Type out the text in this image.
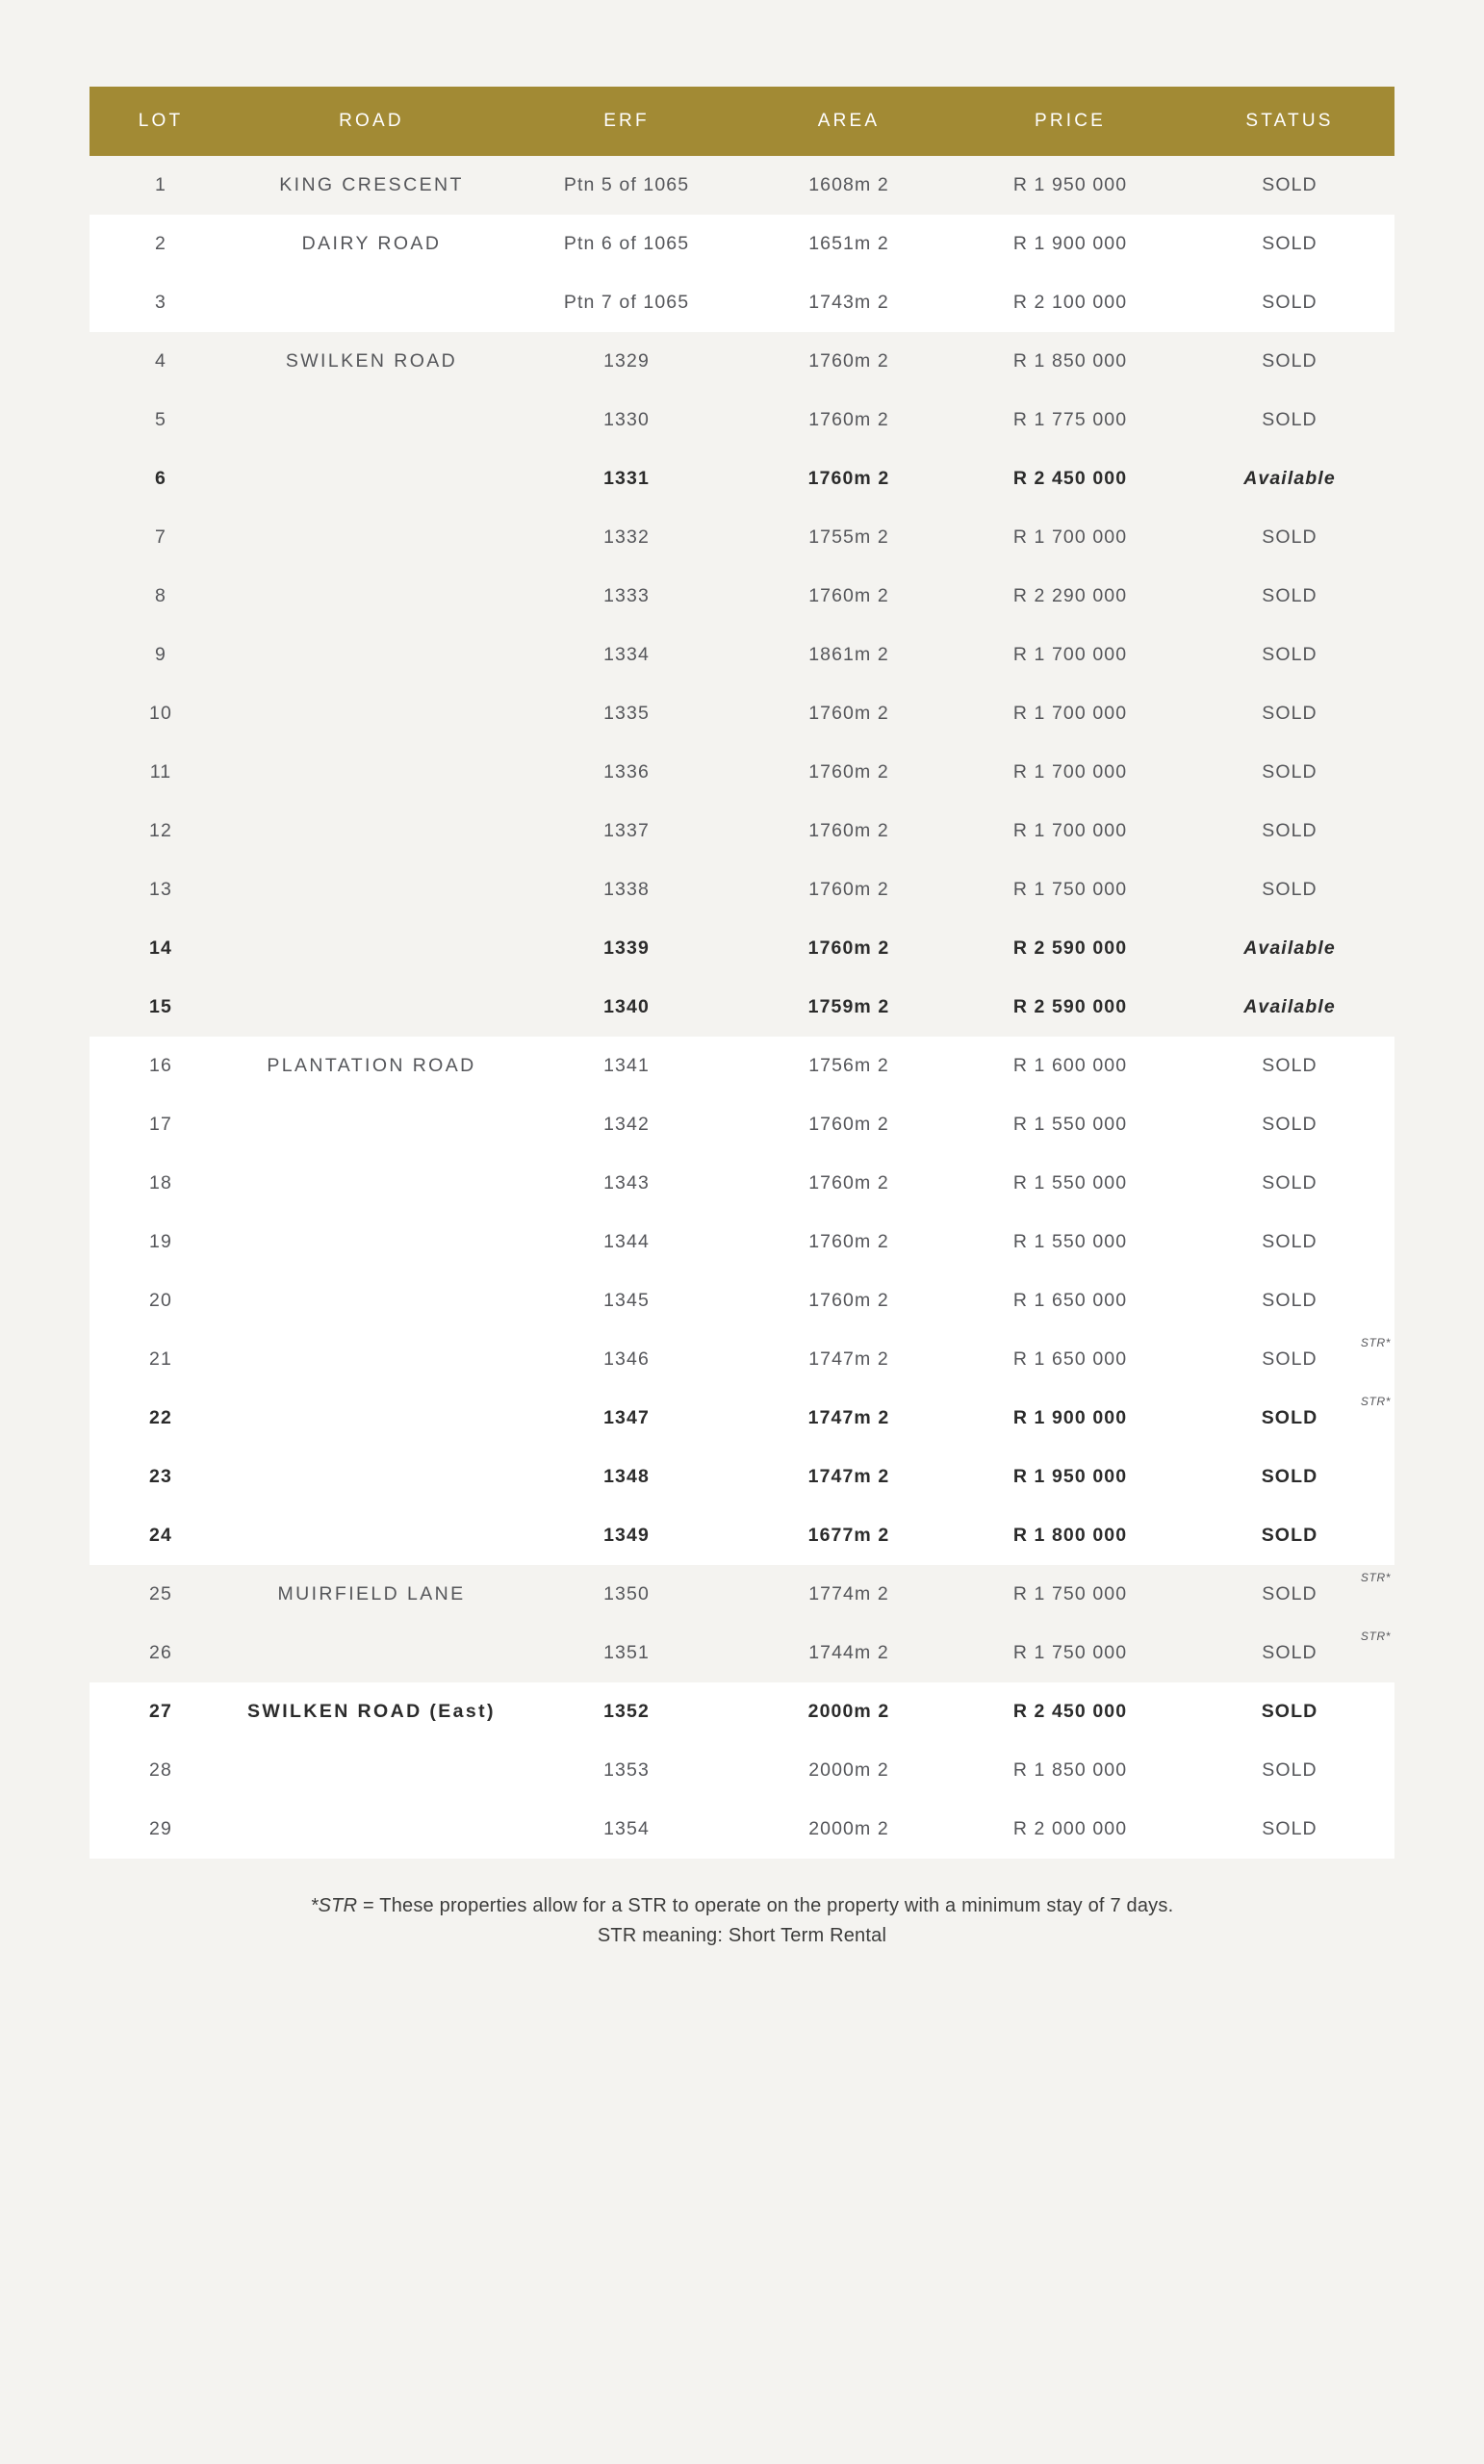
LOT	ROAD	ERF	AREA	PRICE	STATUS
1	KING CRESCENT	Ptn 5 of 1065	1608m 2	R 1 950 000	SOLD
2	DAIRY ROAD	Ptn 6 of 1065	1651m 2	R 1 900 000	SOLD
3		Ptn 7 of 1065	1743m 2	R 2 100 000	SOLD
4	SWILKEN ROAD	1329	1760m 2	R 1 850 000	SOLD
5		1330	1760m 2	R 1 775 000	SOLD
6		1331	1760m 2	R 2 450 000	Available
7		1332	1755m 2	R 1 700 000	SOLD
8		1333	1760m 2	R 2 290 000	SOLD
9		1334	1861m 2	R 1 700 000	SOLD
10		1335	1760m 2	R 1 700 000	SOLD
11		1336	1760m 2	R 1 700 000	SOLD
12		1337	1760m 2	R 1 700 000	SOLD
13		1338	1760m 2	R 1 750 000	SOLD
14		1339	1760m 2	R 2 590 000	Available
15		1340	1759m 2	R 2 590 000	Available
16	PLANTATION ROAD	1341	1756m 2	R 1 600 000	SOLD
17		1342	1760m 2	R 1 550 000	SOLD
18		1343	1760m 2	R 1 550 000	SOLD
19		1344	1760m 2	R 1 550 000	SOLD
20		1345	1760m 2	R 1 650 000	SOLD
21		1346	1747m 2	R 1 650 000	SOLD
STR*

22		1347	1747m 2	R 1 900 000	SOLD
STR*

23		1348	1747m 2	R 1 950 000	SOLD
24		1349	1677m 2	R 1 800 000	SOLD
25	MUIRFIELD LANE	1350	1774m 2	R 1 750 000	SOLD
STR*

26		1351	1744m 2	R 1 750 000	SOLD
STR*

27	SWILKEN ROAD (East)	1352	2000m 2	R 2 450 000	SOLD
28		1353	2000m 2	R 1 850 000	SOLD
29		1354	2000m 2	R 2 000 000	SOLD
*STR = These properties allow for a STR to operate on the property with a minimum stay of 7 days.
STR meaning: Short Term Rental
